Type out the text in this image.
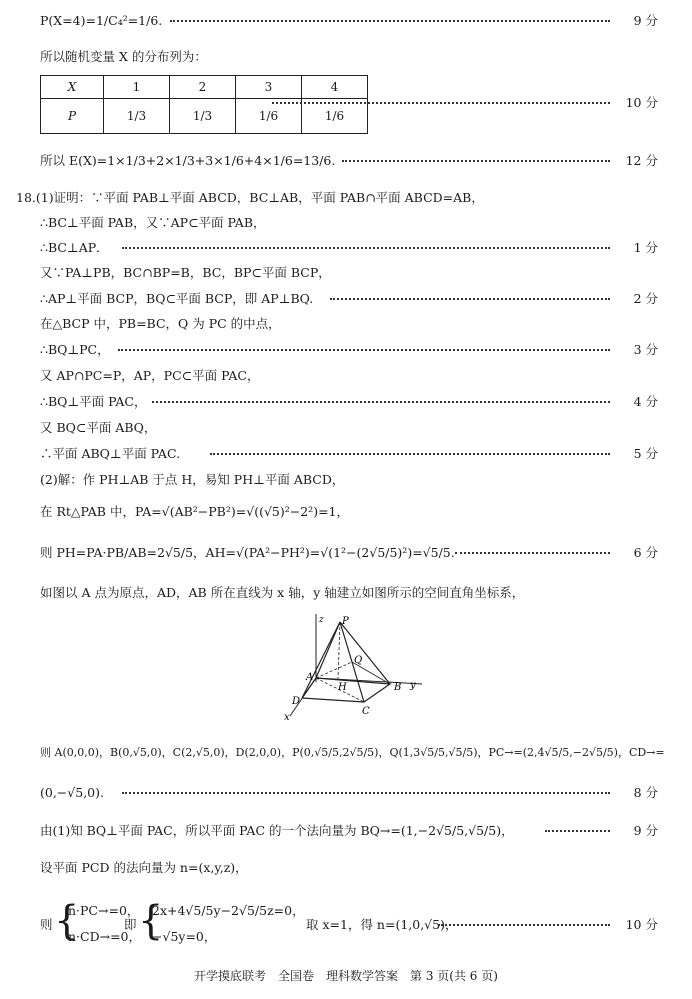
P(X=4)=1/C₄²=1/6.	9 分
所以随机变量 X 的分布列为：
X	1	2	3	4
P	1/3	1/3	1/6	1/6
10 分
所以 E(X)=1×1/3+2×1/3+3×1/6+4×1/6=13/6.	12 分
18.(1)证明：∵平面 PAB⊥平面 ABCD，BC⊥AB，平面 PAB∩平面 ABCD=AB，
∴BC⊥平面 PAB，又∵AP⊂平面 PAB，
∴BC⊥AP．	1 分
又∵PA⊥PB，BC∩BP=B，BC，BP⊂平面 BCP，
∴AP⊥平面 BCP，BQ⊂平面 BCP，即 AP⊥BQ.	2 分
在△BCP 中，PB=BC，Q 为 PC 的中点，
∴BQ⊥PC，	3 分
又 AP∩PC=P，AP，PC⊂平面 PAC，
∴BQ⊥平面 PAC，	4 分
又 BQ⊂平面 ABQ，
∴平面 ABQ⊥平面 PAC.	5 分
(2)解：作 PH⊥AB 于点 H，易知 PH⊥平面 ABCD，
在 Rt△PAB 中，PA=√(AB²−PB²)=√((√5)²−2²)=1，
则 PH=PA·PB/AB=2√5/5，AH=√(PA²−PH²)=√(1²−(2√5/5)²)=√5/5.	6 分
如图以 A 点为原点，AD，AB 所在直线为 x 轴，y 轴建立如图所示的空间直角坐标系，
z P
Q
A
H	B y
D
C
x
则 A(0,0,0)，B(0,√5,0)，C(2,√5,0)，D(2,0,0)，P(0,√5/5,2√5/5)，Q(1,3√5/5,√5/5)，PC→=(2,4√5/5,−2√5/5)，CD→=
(0,−√5,0).	8 分
由(1)知 BQ⊥平面 PAC，所以平面 PAC 的一个法向量为 BQ→=(1,−2√5/5,√5/5)，	9 分
设平面 PCD 的法向量为 n=(x,y,z)，
则 {
n·PC→=0，
n·CD→=0，
即 {
2x+4√5/5y−2√5/5z=0，
−√5y=0，
取 x=1，得 n=(1,0,√5)，	10 分
开学摸底联考　全国卷　理科数学答案　第 3 页(共 6 页)
